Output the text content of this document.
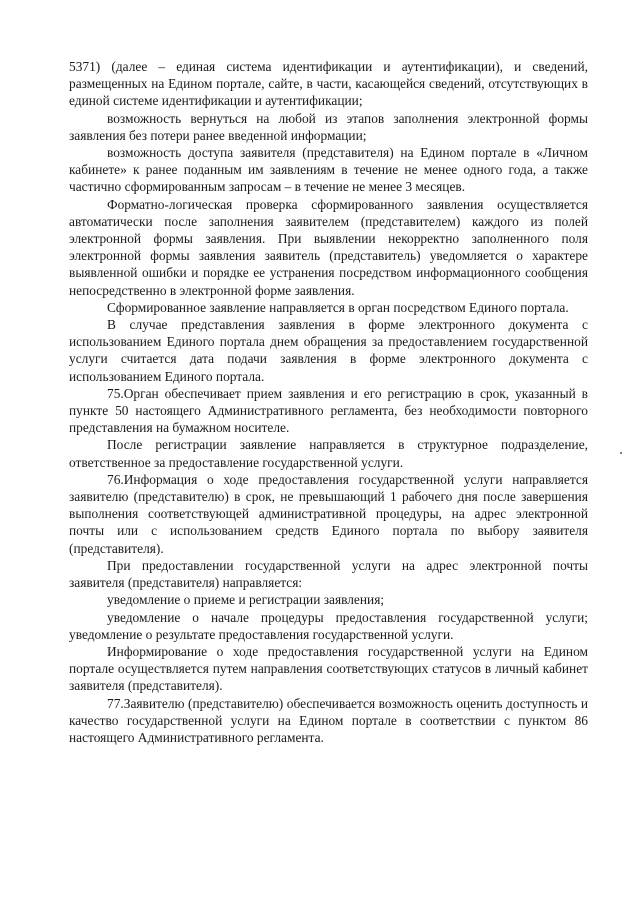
5371) (далее – единая система идентификации и аутентификации), и сведений, размещенных на Едином портале, сайте, в части, касающейся сведений, отсутствующих в единой системе идентификации и аутентификации;

возможность вернуться на любой из этапов заполнения электронной формы заявления без потери ранее введенной информации;

возможность доступа заявителя (представителя) на Едином портале в «Личном кабинете» к ранее поданным им заявлениям в течение не менее одного года, а также частично сформированным запросам – в течение не менее 3 месяцев.

Форматно-логическая проверка сформированного заявления осуществляется автоматически после заполнения заявителем (представителем) каждого из полей электронной формы заявления. При выявлении некорректно заполненного поля электронной формы заявления заявитель (представитель) уведомляется о характере выявленной ошибки и порядке ее устранения посредством информационного сообщения непосредственно в электронной форме заявления.

Сформированное заявление направляется в орган посредством Единого портала.

В случае представления заявления в форме электронного документа с использованием Единого портала днем обращения за предоставлением государственной услуги считается дата подачи заявления в форме электронного документа с использованием Единого портала.

75.Орган обеспечивает прием заявления и его регистрацию в срок, указанный в пункте 50 настоящего Административного регламента, без необходимости повторного представления на бумажном носителе.

После регистрации заявление направляется в структурное подразделение, ответственное за предоставление государственной услуги.

76.Информация о ходе предоставления государственной услуги направляется заявителю (представителю) в срок, не превышающий 1 рабочего дня после завершения выполнения соответствующей административной процедуры, на адрес электронной почты или с использованием средств Единого портала по выбору заявителя (представителя).

При предоставлении государственной услуги на адрес электронной почты заявителя (представителя) направляется:

уведомление о приеме и регистрации заявления;

уведомление о начале процедуры предоставления государственной услуги; уведомление о результате предоставления государственной услуги.

Информирование о ходе предоставления государственной услуги на Едином портале осуществляется путем направления соответствующих статусов в личный кабинет заявителя (представителя).

77.Заявителю (представителю) обеспечивается возможность оценить доступность и качество государственной услуги на Едином портале в соответствии с пунктом 86 настоящего Административного регламента.
